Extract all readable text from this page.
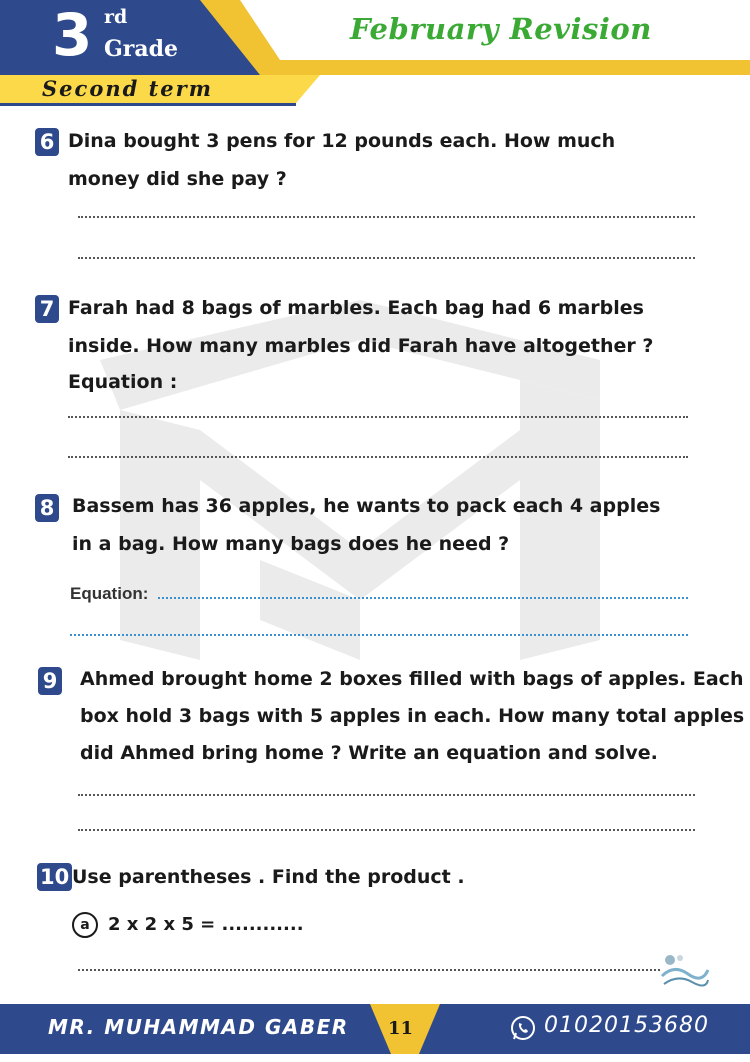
3 rd
Grade
February Revision
Second term
6 Dina bought 3 pens for 12 pounds each. How much
money did she pay ?
7 Farah had 8 bags of marbles. Each bag had 6 marbles
inside. How many marbles did Farah have altogether ?
Equation :
8 Bassem has 36 apples, he wants to pack each 4 apples
in a bag. How many bags does he need ?
Equation:
9 Ahmed brought home 2 boxes filled with bags of apples. Each
box hold 3 bags with 5 apples in each. How many total apples
did Ahmed bring home ? Write an equation and solve.
10 Use parentheses . Find the product .
a	2 x 2 x 5 = ............
MR. MUHAMMAD GABER 11	01020153680
